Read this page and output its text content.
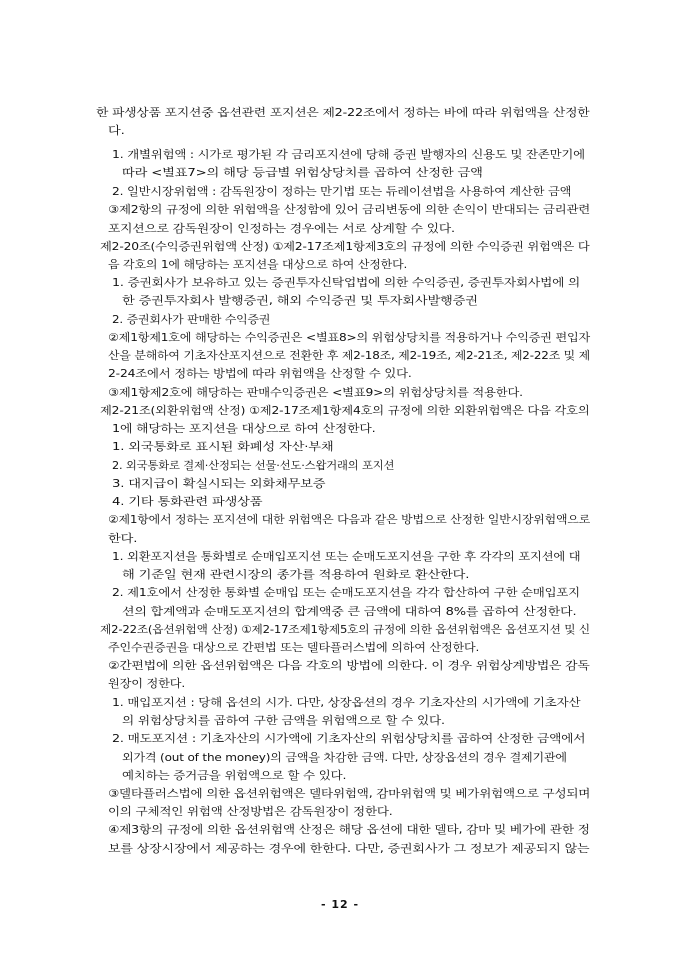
한 파생상품 포지션중 옵션관련 포지션은 제2-22조에서 정하는 바에 따라 위험액을 산정한
다.
1. 개별위험액 : 시가로 평가된 각 금리포지션에 당해 증권 발행자의 신용도 및 잔존만기에
따라 <별표7>의 해당 등급별 위험상당치를 곱하여 산정한 금액
2. 일반시장위험액 : 감독원장이 정하는 만기법 또는 듀레이션법을 사용하여 계산한 금액
③제2항의 규정에 의한 위험액을 산정함에 있어 금리변동에 의한 손익이 반대되는 금리관련
포지션으로 감독원장이 인정하는 경우에는 서로 상계할 수 있다.
제2-20조(수익증권위험액 산정) ①제2-17조제1항제3호의 규정에 의한 수익증권 위험액은 다
음 각호의 1에 해당하는 포지션을 대상으로 하여 산정한다.
1. 증권회사가 보유하고 있는 증권투자신탁업법에 의한 수익증권, 증권투자회사법에 의
한 증권투자회사 발행증권, 해외 수익증권 및 투자회사발행증권
2. 증권회사가 판매한 수익증권
②제1항제1호에 해당하는 수익증권은 <별표8>의 위험상당치를 적용하거나 수익증권 편입자
산을 분해하여 기초자산포지션으로 전환한 후 제2-18조, 제2-19조, 제2-21조, 제2-22조 및 제
2-24조에서 정하는 방법에 따라 위험액을 산정할 수 있다.
③제1항제2호에 해당하는 판매수익증권은 <별표9>의 위험상당치를 적용한다.
제2-21조(외환위험액 산정) ①제2-17조제1항제4호의 규정에 의한 외환위험액은 다음 각호의
1에 해당하는 포지션을 대상으로 하여 산정한다.
1. 외국통화로 표시된 화폐성 자산·부채
2. 외국통화로 결제·산정되는 선물·선도·스왑거래의 포지션
3. 대지급이 확실시되는 외화채무보증
4. 기타 통화관련 파생상품
②제1항에서 정하는 포지션에 대한 위험액은 다음과 같은 방법으로 산정한 일반시장위험액으로
한다.
1. 외환포지션을 통화별로 순매입포지션 또는 순매도포지션을 구한 후 각각의 포지션에 대
해 기준일 현재 관련시장의 종가를 적용하여 원화로 환산한다.
2. 제1호에서 산정한 통화별 순매입 또는 순매도포지션을 각각 합산하여 구한 순매입포지
션의 합계액과 순매도포지션의 합계액중 큰 금액에 대하여 8%를 곱하여 산정한다.
제2-22조(옵션위험액 산정) ①제2-17조제1항제5호의 규정에 의한 옵션위험액은 옵션포지션 및 신
주인수권증권을 대상으로 간편법 또는 델타플러스법에 의하여 산정한다.
②간편법에 의한 옵션위험액은 다음 각호의 방법에 의한다. 이 경우 위험상계방법은 감독
원장이 정한다.
1. 매입포지션 : 당해 옵션의 시가. 다만, 상장옵션의 경우 기초자산의 시가액에 기초자산
의 위험상당치를 곱하여 구한 금액을 위험액으로 할 수 있다.
2. 매도포지션 : 기초자산의 시가액에 기초자산의 위험상당치를 곱하여 산정한 금액에서
외가격 (out of the money)의 금액을 차감한 금액. 다만, 상장옵션의 경우 결제기관에
예치하는 증거금을 위험액으로 할 수 있다.
③델타플러스법에 의한 옵션위험액은 델타위험액, 감마위험액 및 베가위험액으로 구성되며
이의 구체적인 위험액 산정방법은 감독원장이 정한다.
④제3항의 규정에 의한 옵션위험액 산정은 해당 옵션에 대한 델타, 감마 및 베가에 관한 정
보를 상장시장에서 제공하는 경우에 한한다. 다만, 증권회사가 그 정보가 제공되지 않는
- 12 -
